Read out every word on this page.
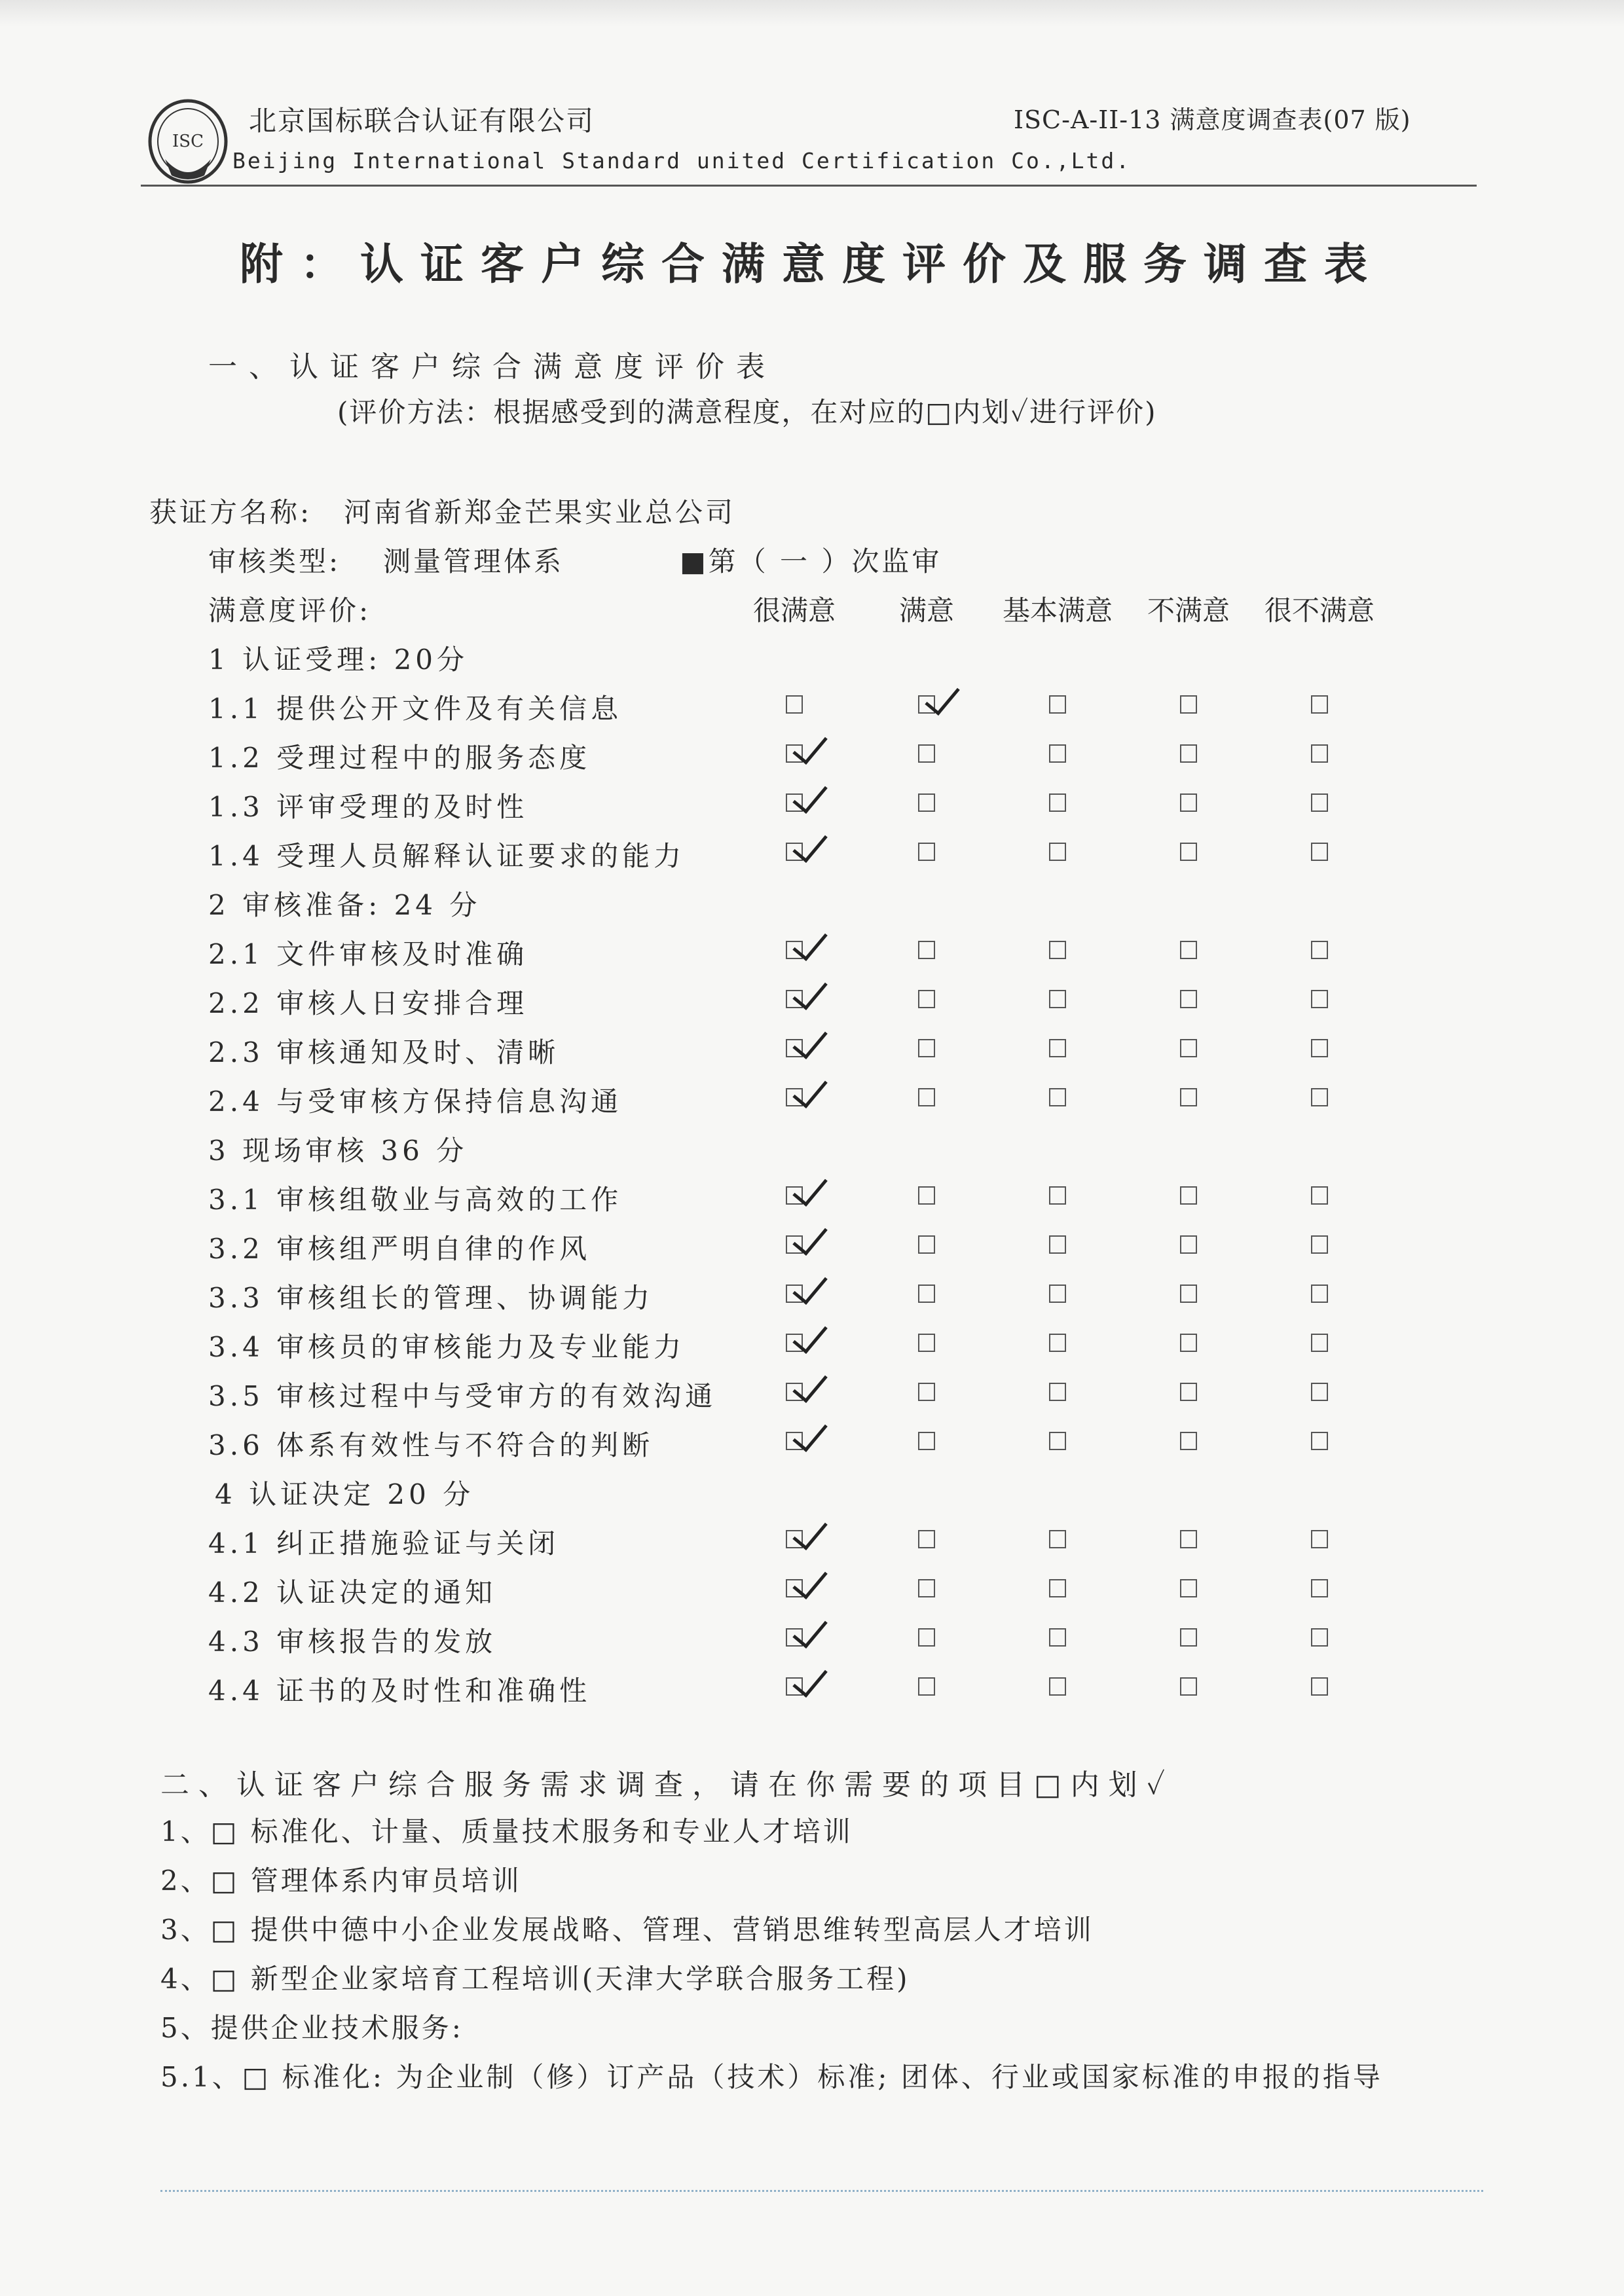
ISC
北京国标联合认证有限公司
Beijing International Standard united Certification Co.,Ltd.
ISC-A-II-13 满意度调查表(07 版)
附：认证客户综合满意度评价及服务调查表
一、认证客户综合满意度评价表
(评价方法：根据感受到的满意程度，在对应的□内划✓进行评价)
获证方名称: 河南省新郑金芒果实业总公司
审核类型: 测量管理体系	■第（ 一 ）次监审
满意度评价:	很满意 满意 基本满意 不满意 很不满意
1 认证受理: 20分
1.1 提供公开文件及有关信息
1.2 受理过程中的服务态度
1.3 评审受理的及时性
1.4 受理人员解释认证要求的能力
2 审核准备: 24 分
2.1 文件审核及时准确
2.2 审核人日安排合理
2.3 审核通知及时、清晰
2.4 与受审核方保持信息沟通
3 现场审核 36 分
3.1 审核组敬业与高效的工作
3.2 审核组严明自律的作风
3.3 审核组长的管理、协调能力
3.4 审核员的审核能力及专业能力
3.5 审核过程中与受审方的有效沟通
3.6 体系有效性与不符合的判断
4 认证决定 20 分
4.1 纠正措施验证与关闭
4.2 认证决定的通知
4.3 审核报告的发放
4.4 证书的及时性和准确性
二、认证客户综合服务需求调查，请在你需要的项目□内划✓
1、□ 标准化、计量、质量技术服务和专业人才培训
2、□ 管理体系内审员培训
3、□ 提供中德中小企业发展战略、管理、营销思维转型高层人才培训
4、□ 新型企业家培育工程培训(天津大学联合服务工程)
5、提供企业技术服务:
5.1、□ 标准化: 为企业制（修）订产品（技术）标准; 团体、行业或国家标准的申报的指导
